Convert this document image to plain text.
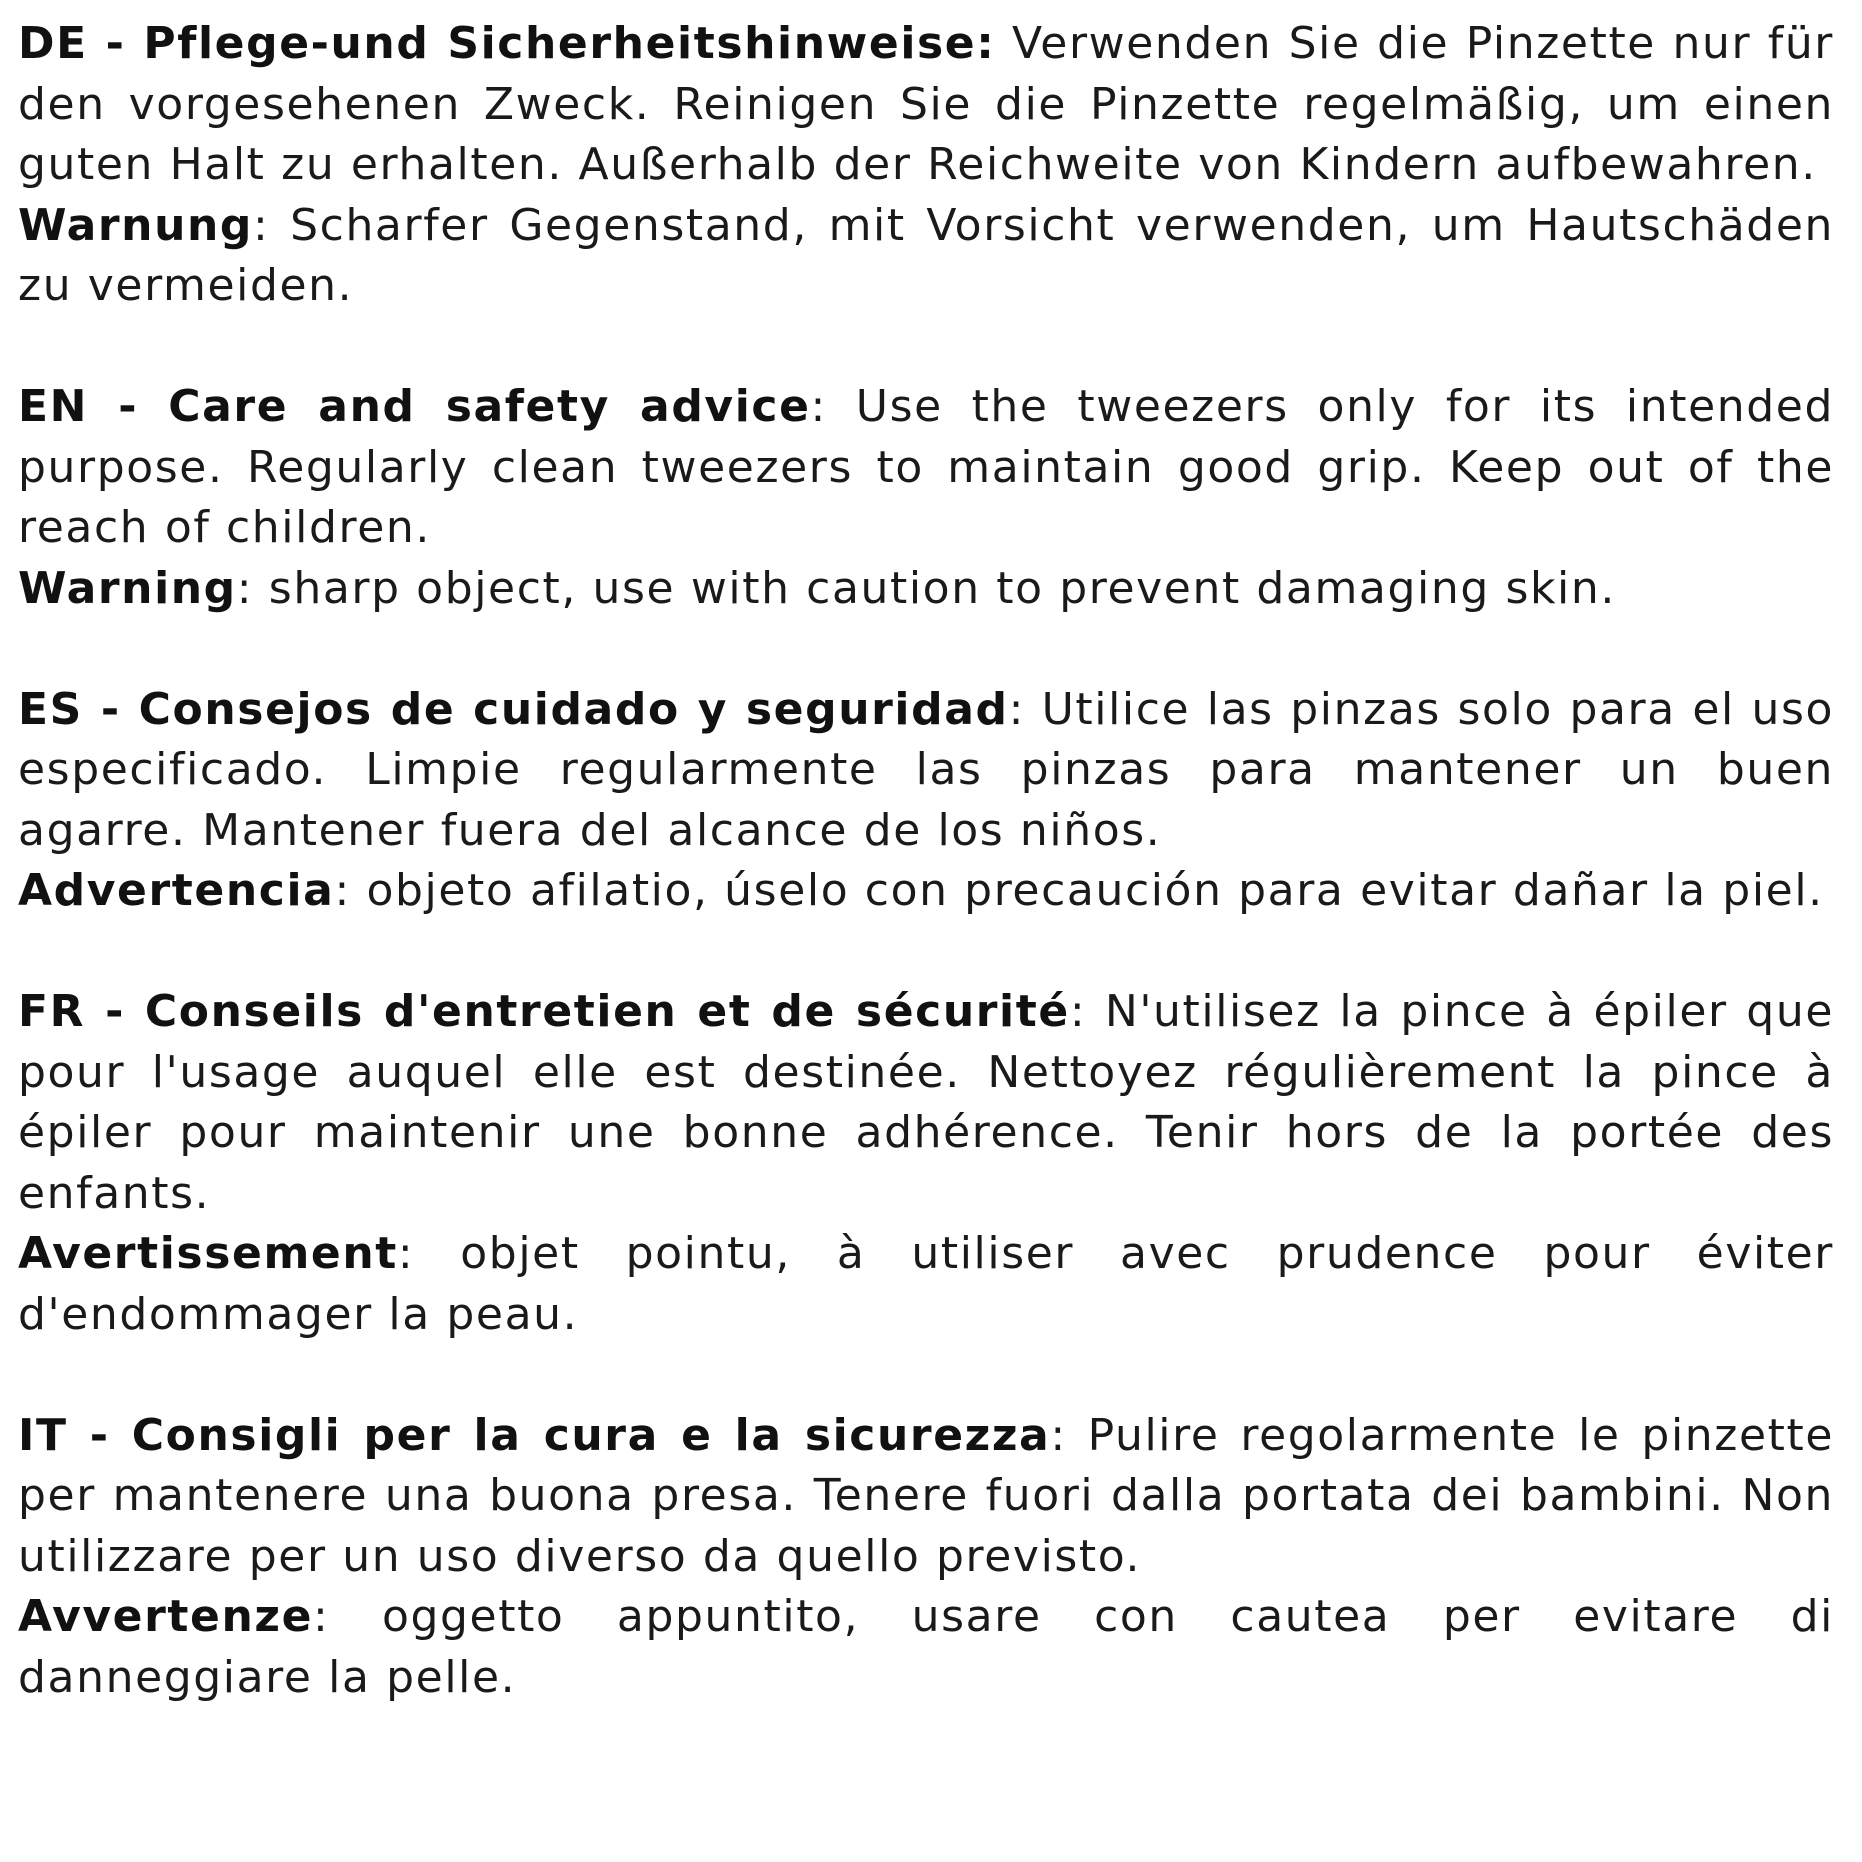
DE - Pflege-und Sicherheitshinweise: Verwenden Sie die Pinzette nur für den vorgesehenen Zweck. Reinigen Sie die Pinzette regelmäßig, um einen guten Halt zu erhalten. Außerhalb der Reichweite von Kindern aufbewahren.

Warnung: Scharfer Gegenstand, mit Vorsicht verwenden, um Hautschäden zu vermeiden.

EN - Care and safety advice: Use the tweezers only for its intended purpose. Regularly clean tweezers to maintain good grip. Keep out of the reach of children.

Warning: sharp object, use with caution to prevent damaging skin.

ES - Consejos de cuidado y seguridad: Utilice las pinzas solo para el uso especificado. Limpie regularmente las pinzas para mantener un buen agarre. Mantener fuera del alcance de los niños.

Advertencia: objeto afilatio, úselo con precaución para evitar dañar la piel.

FR - Conseils d'entretien et de sécurité: N'utilisez la pince à épiler que pour l'usage auquel elle est destinée. Nettoyez régulièrement la pince à épiler pour maintenir une bonne adhérence. Tenir hors de la portée des enfants.

Avertissement: objet pointu, à utiliser avec prudence pour éviter d'endommager la peau.

IT - Consigli per la cura e la sicurezza: Pulire regolarmente le pinzette per mantenere una buona presa. Tenere fuori dalla portata dei bambini. Non utilizzare per un uso diverso da quello previsto.

Avvertenze: oggetto appuntito, usare con cautea per evitare di danneggiare la pelle.
